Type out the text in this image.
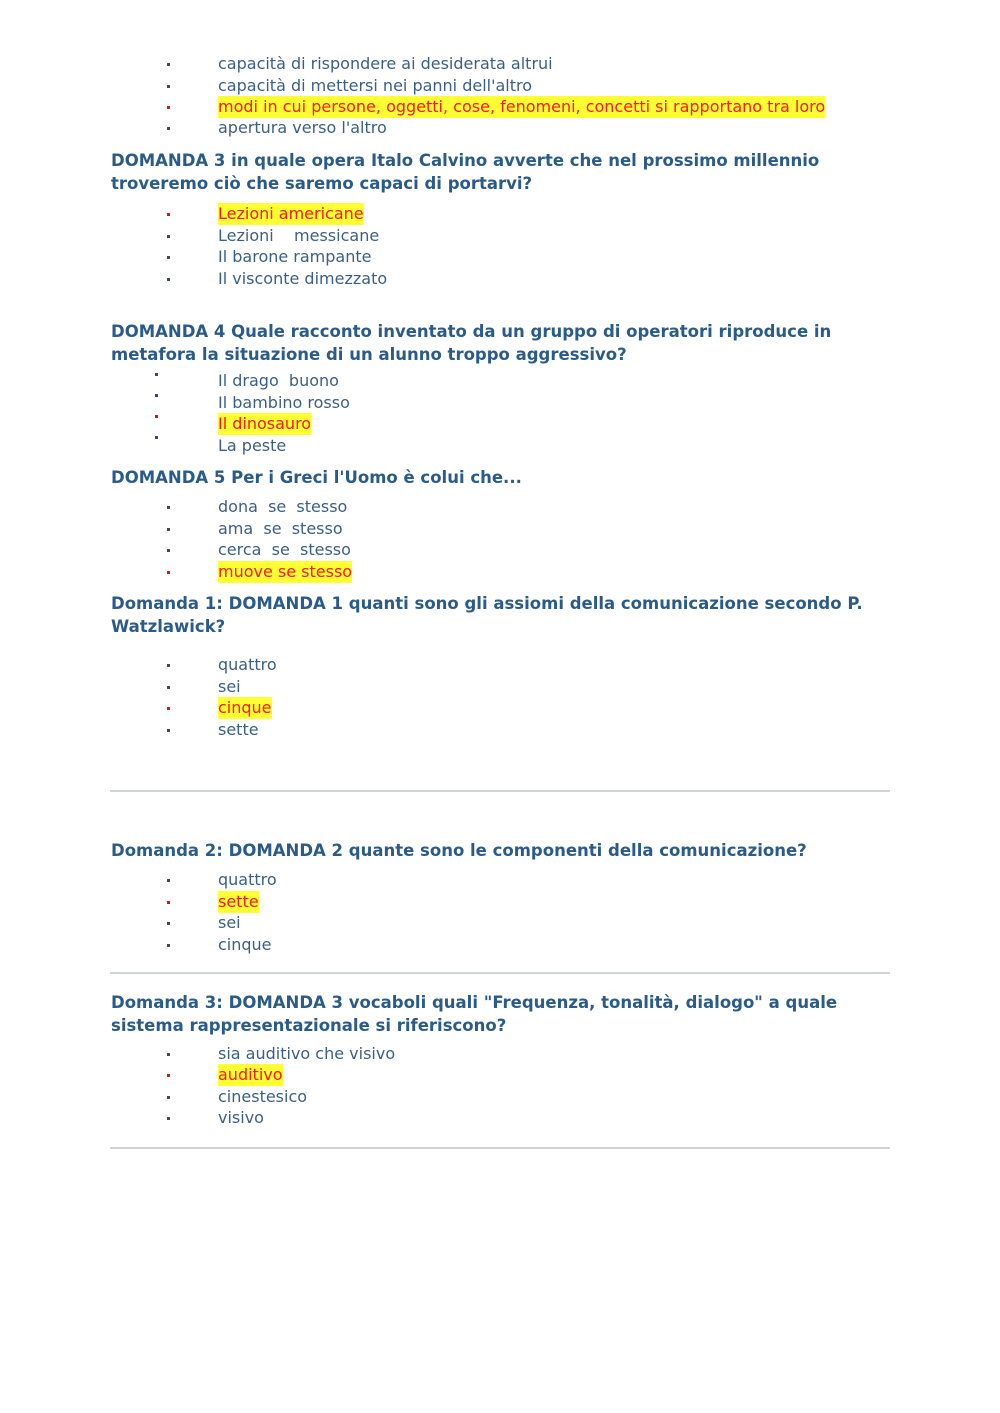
capacità di rispondere ai desiderata altrui
capacità di mettersi nei panni dell'altro
modi in cui persone, oggetti, cose, fenomeni, concetti si rapportano tra loro
apertura verso l'altro

DOMANDA 3 in quale opera Italo Calvino avverte che nel prossimo millennio troveremo ciò che saremo capaci di portarvi?

Lezioni americane
Lezioni    messicane
Il barone rampante
Il visconte dimezzato

DOMANDA 4 Quale racconto inventato da un gruppo di operatori riproduce in metafora la situazione di un alunno troppo aggressivo?

Il drago  buono
Il bambino rosso
Il dinosauro
La peste

DOMANDA 5 Per i Greci l'Uomo è colui che...

dona  se  stesso
ama  se  stesso
cerca  se  stesso
muove se stesso

Domanda 1: DOMANDA 1 quanti sono gli assiomi della comunicazione secondo P. Watzlawick?

quattro
sei
cinque
sette

Domanda 2: DOMANDA 2 quante sono le componenti della comunicazione?

quattro
sette
sei
cinque

Domanda 3: DOMANDA 3 vocaboli quali "Frequenza, tonalità, dialogo" a quale sistema rappresentazionale si riferiscono?

sia auditivo che visivo
auditivo
cinestesico
visivo
